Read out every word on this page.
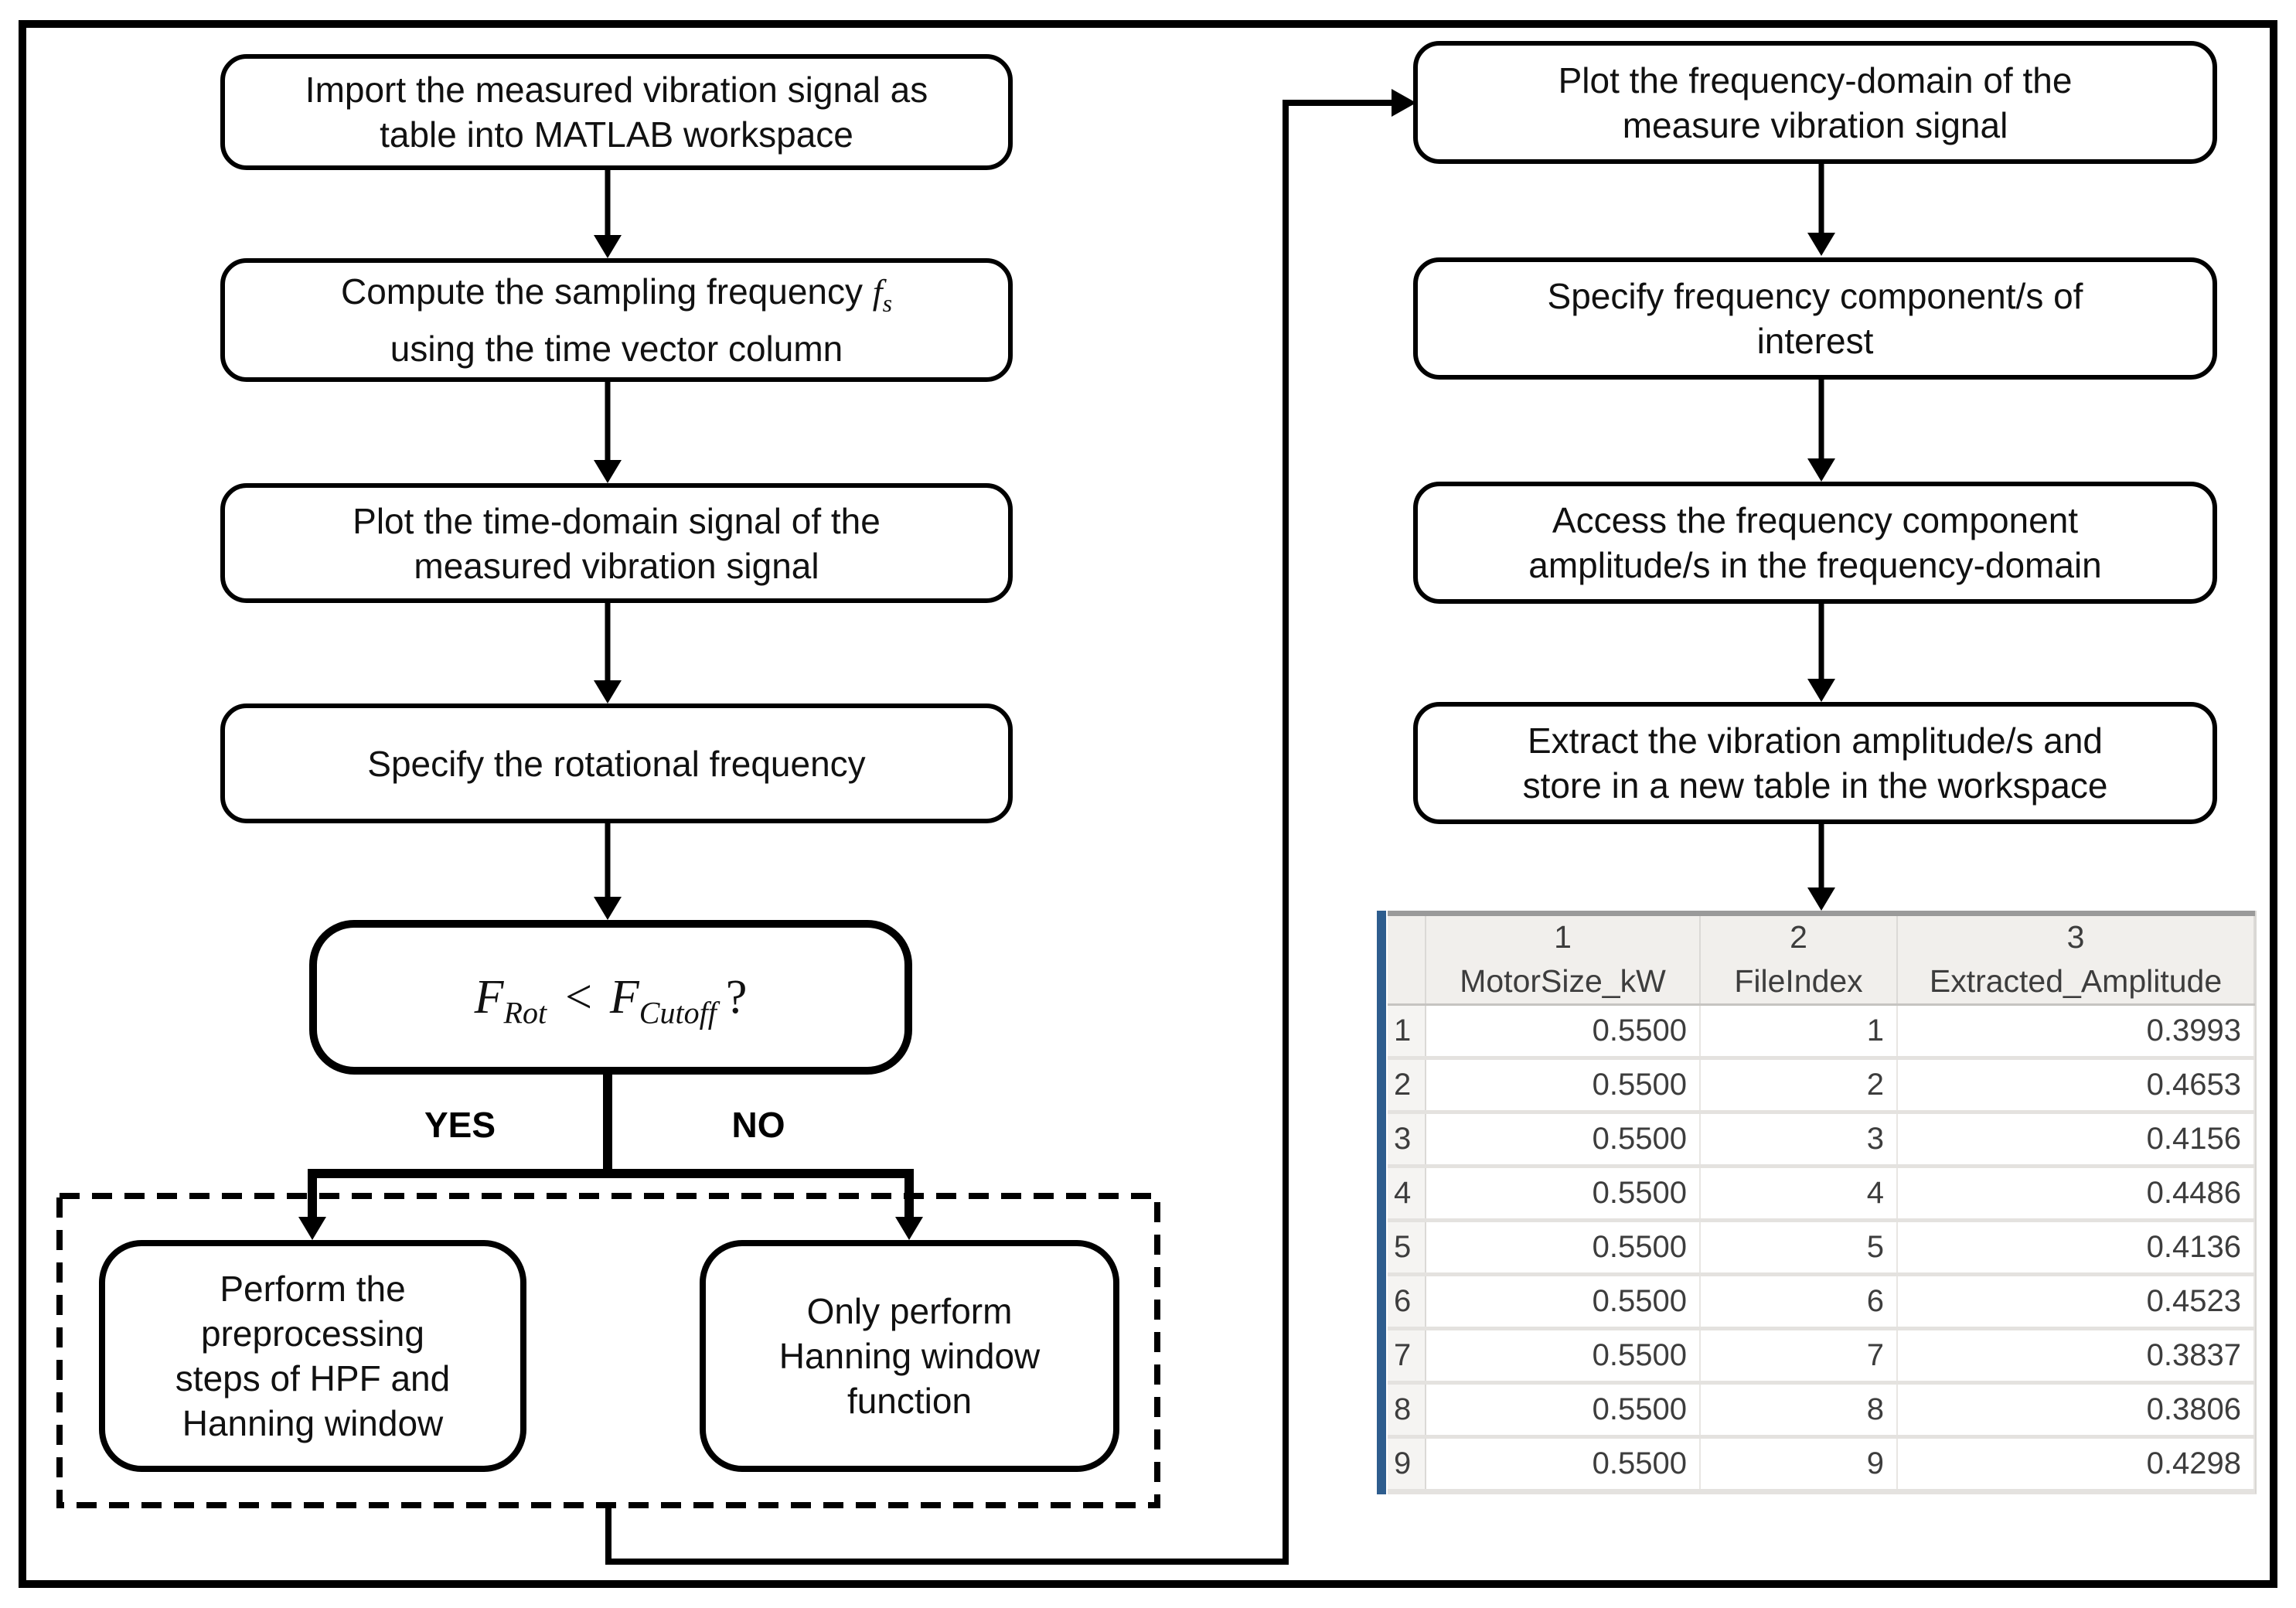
Import the measured vibration signal as
table into MATLAB workspace
Compute the sampling frequency $f_s$
using the time vector column
Plot the time-domain signal of the
measured vibration signal
Specify the rotational frequency
$F_{Rot} < F_{Cutoff}$ ?
YES	NO
Perform the
preprocessing
steps of HPF and
Hanning window
Only perform
Hanning window
function
Plot the frequency-domain of the
measure vibration signal
Specify frequency component/s of
interest
Access the frequency component
amplitude/s in the frequency-domain
Extract the vibration amplitude/s and
store in a new table in the workspace
1	2	3
MotorSize_kW	FileIndex	Extracted_Amplitude
1	0.5500	1	0.3993
2	0.5500	2	0.4653
3	0.5500	3	0.4156
4	0.5500	4	0.4486
5	0.5500	5	0.4136
6	0.5500	6	0.4523
7	0.5500	7	0.3837
8	0.5500	8	0.3806
9	0.5500	9	0.4298
